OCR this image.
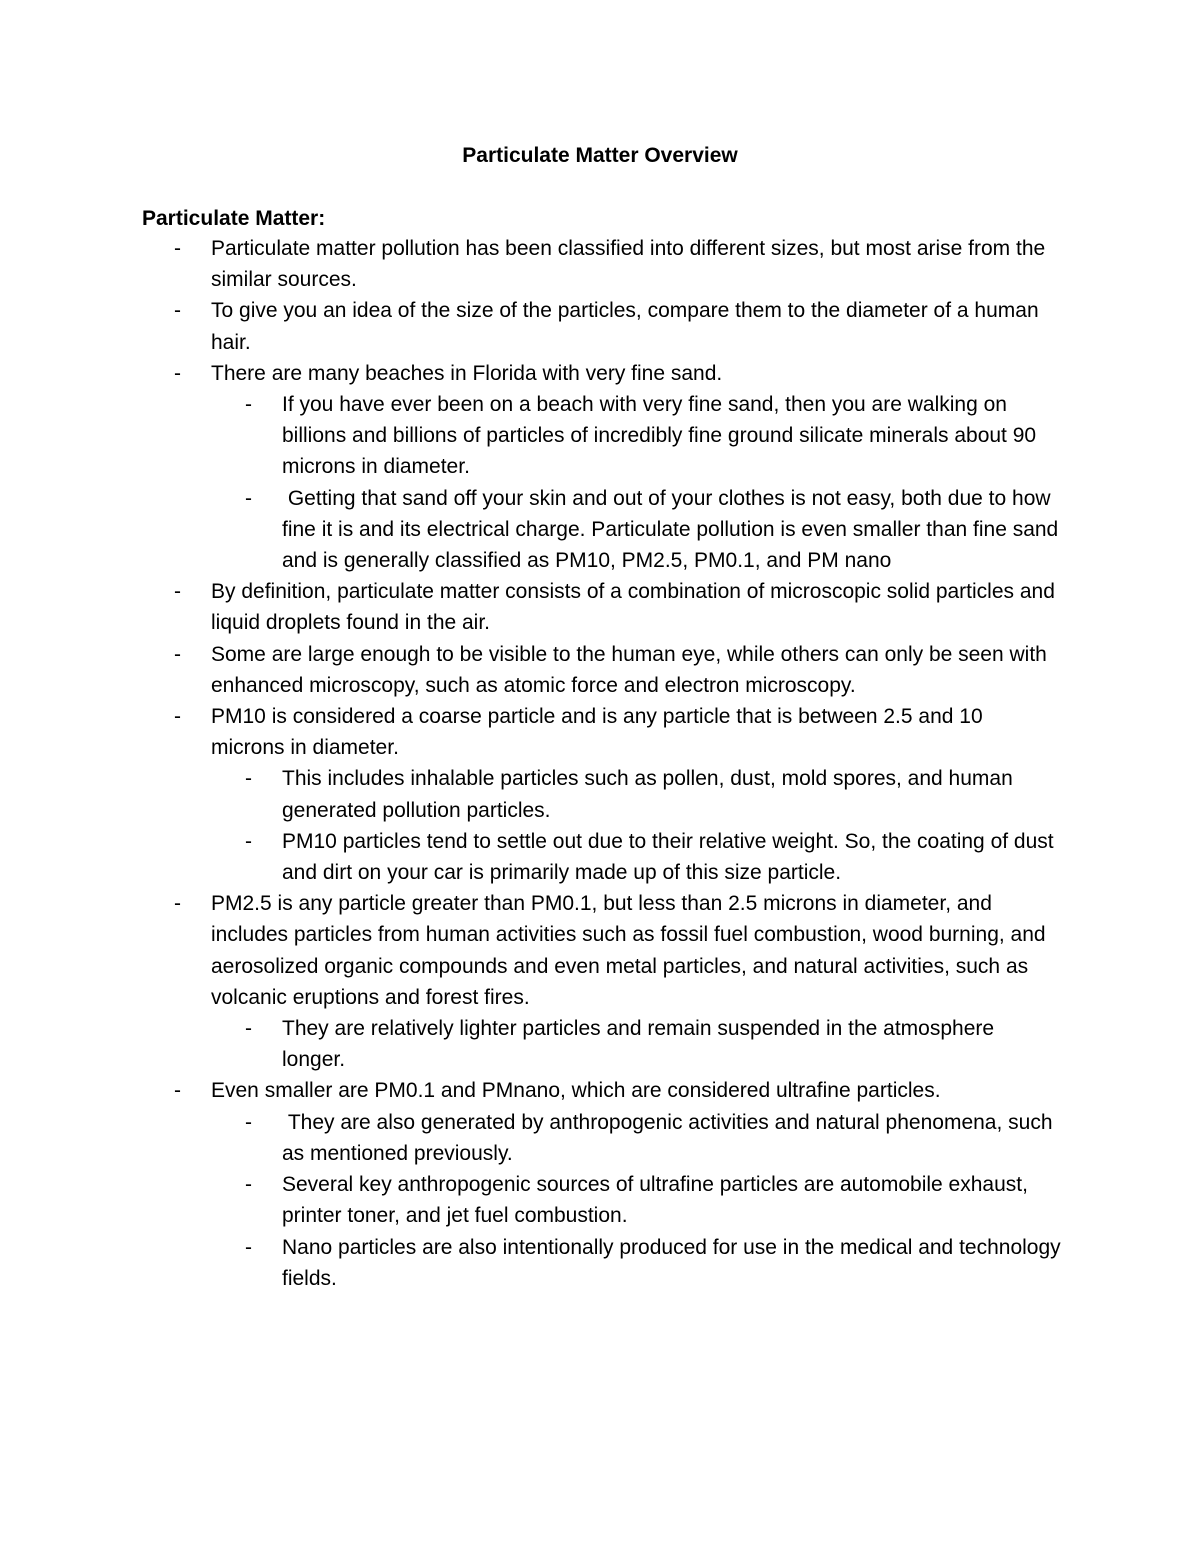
Particulate Matter Overview
Particulate Matter:
- Particulate matter pollution has been classified into different sizes, but most arise from the similar sources.
- To give you an idea of the size of the particles, compare them to the diameter of a human hair.
- There are many beaches in Florida with very fine sand.
- If you have ever been on a beach with very fine sand, then you are walking on billions and billions of particles of incredibly fine ground silicate minerals about 90 microns in diameter.
- Getting that sand off your skin and out of your clothes is not easy, both due to how fine it is and its electrical charge. Particulate pollution is even smaller than fine sand and is generally classified as PM10, PM2.5, PM0.1, and PM nano
- By definition, particulate matter consists of a combination of microscopic solid particles and liquid droplets found in the air.
- Some are large enough to be visible to the human eye, while others can only be seen with enhanced microscopy, such as atomic force and electron microscopy.
- PM10 is considered a coarse particle and is any particle that is between 2.5 and 10 microns in diameter.
- This includes inhalable particles such as pollen, dust, mold spores, and human generated pollution particles.
- PM10 particles tend to settle out due to their relative weight. So, the coating of dust and dirt on your car is primarily made up of this size particle.
- PM2.5 is any particle greater than PM0.1, but less than 2.5 microns in diameter, and includes particles from human activities such as fossil fuel combustion, wood burning, and aerosolized organic compounds and even metal particles, and natural activities, such as volcanic eruptions and forest fires.
- They are relatively lighter particles and remain suspended in the atmosphere longer.
- Even smaller are PM0.1 and PMnano, which are considered ultrafine particles.
- They are also generated by anthropogenic activities and natural phenomena, such as mentioned previously.
- Several key anthropogenic sources of ultrafine particles are automobile exhaust, printer toner, and jet fuel combustion.
- Nano particles are also intentionally produced for use in the medical and technology fields.
